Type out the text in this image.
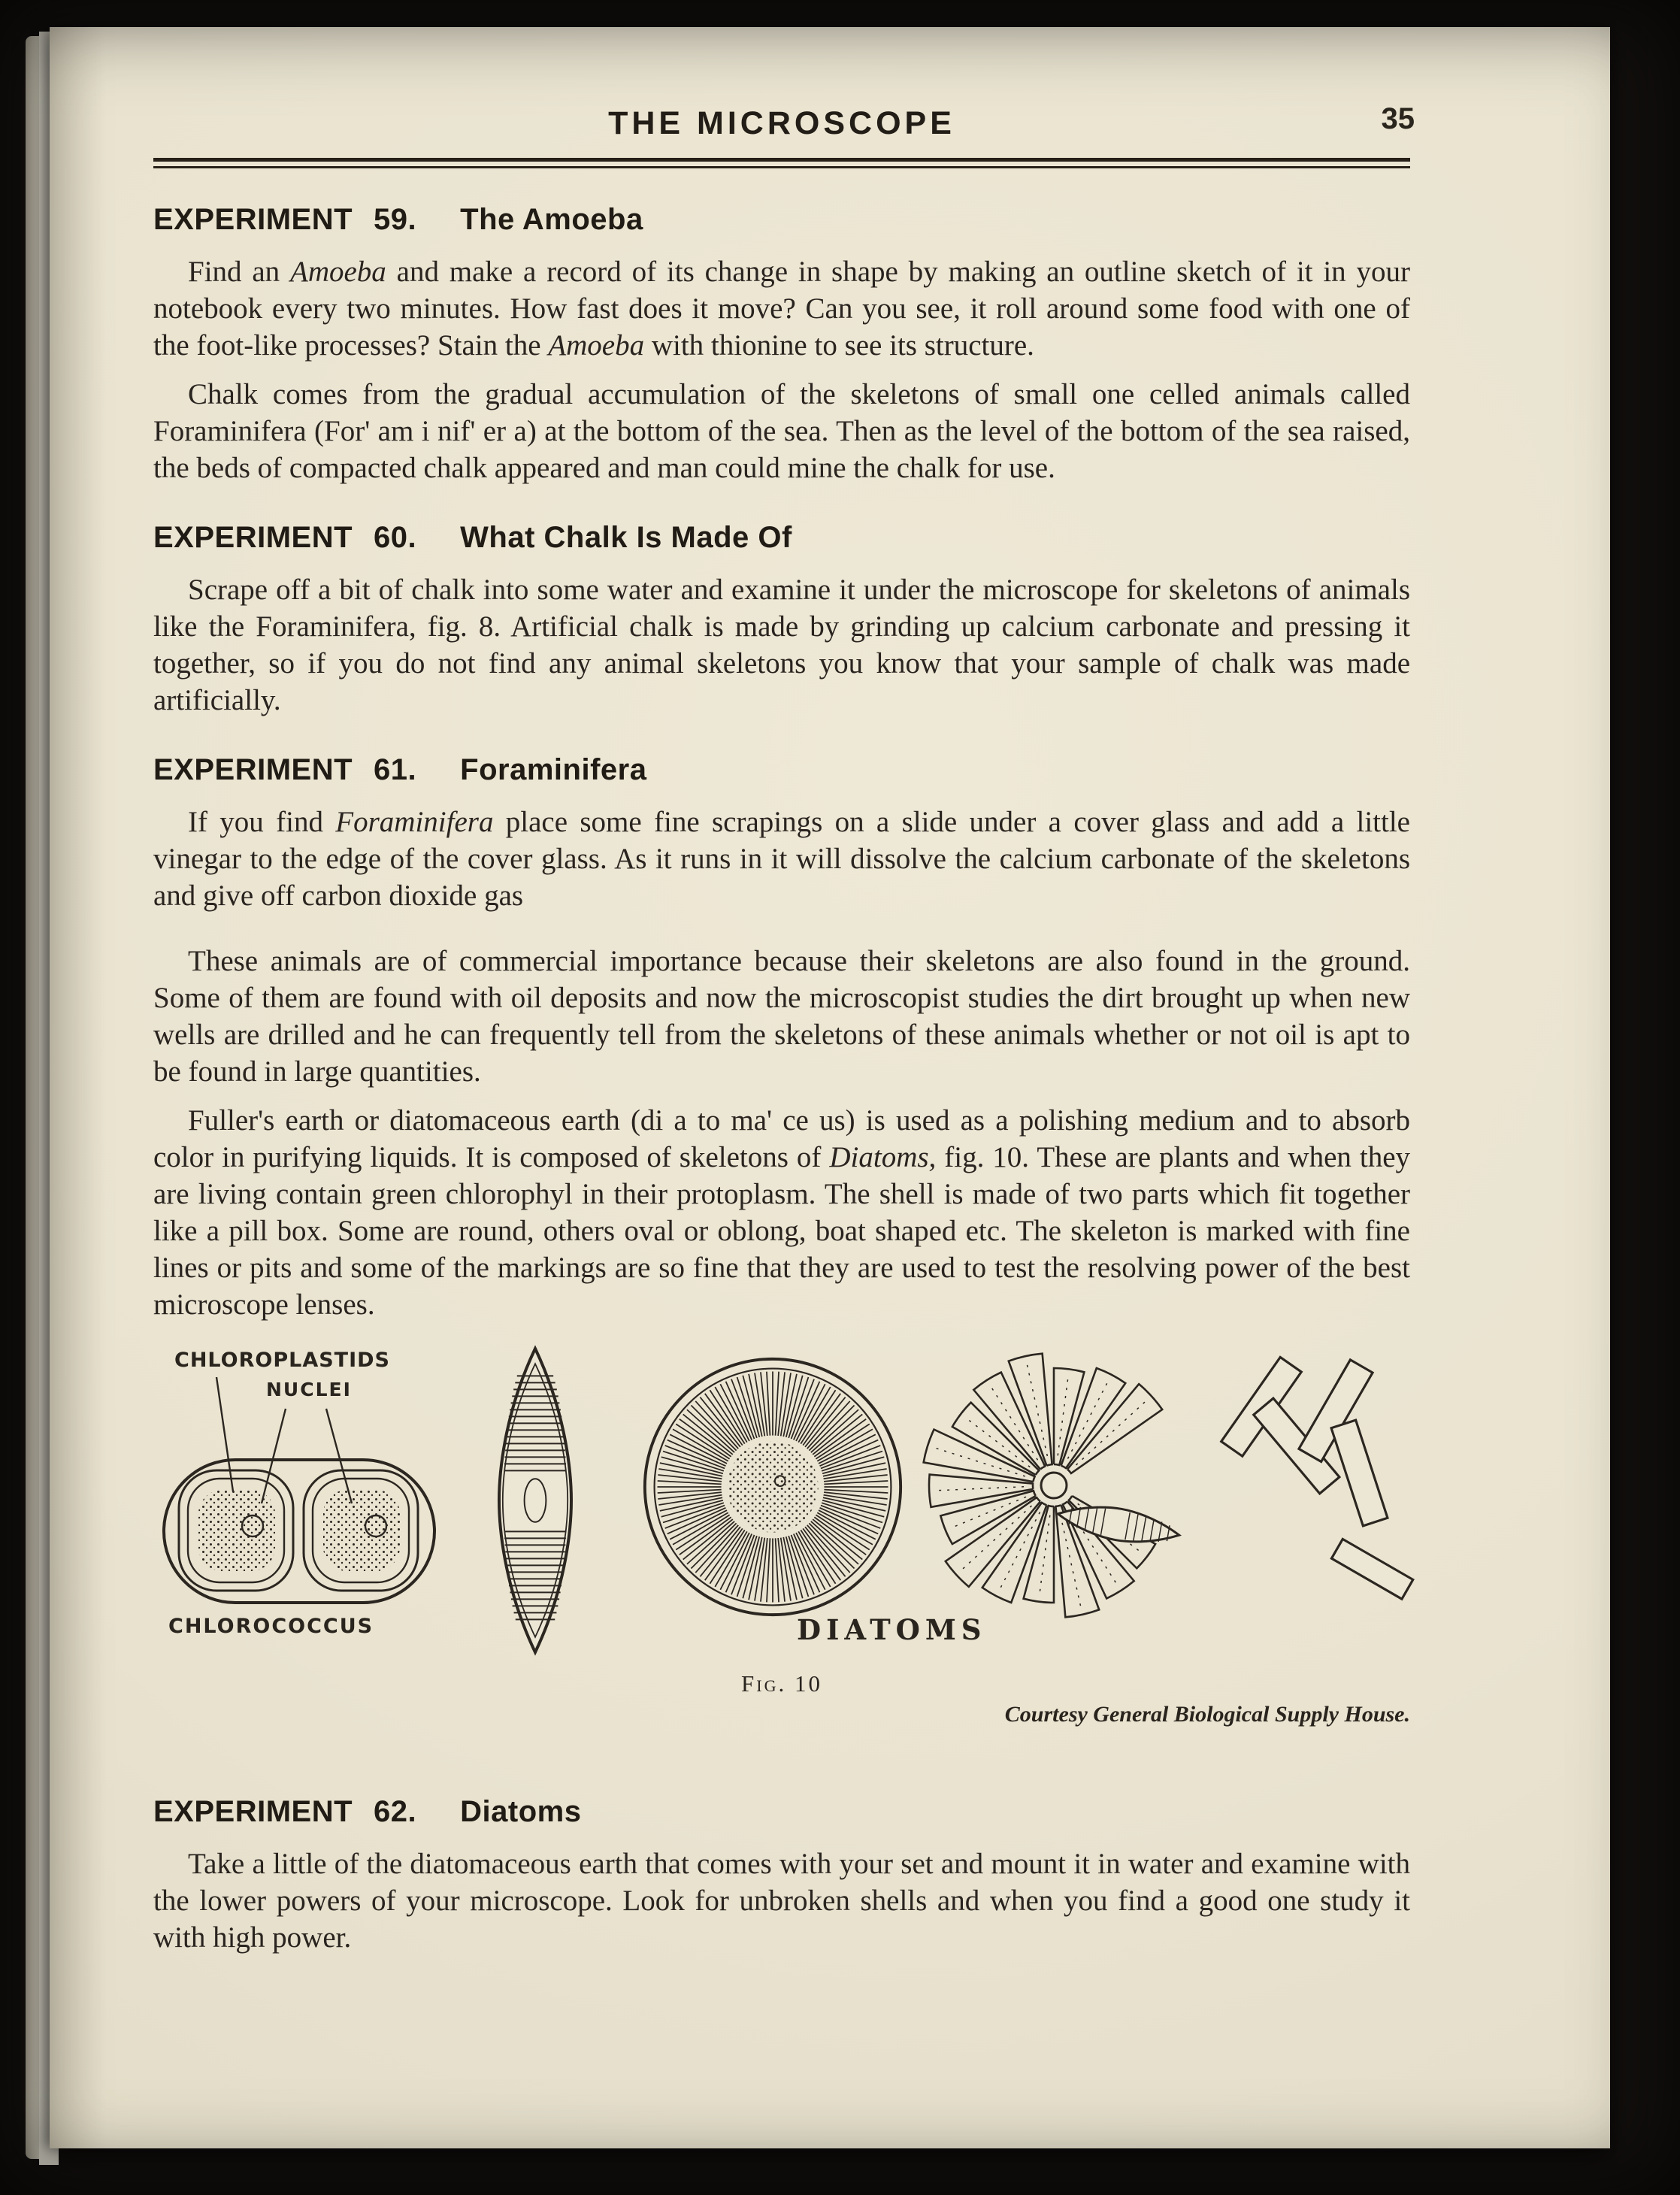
THE MICROSCOPE	35
EXPERIMENT 59. The Amoeba

Find an Amoeba and make a record of its change in shape by making an outline sketch of it in your notebook every two minutes. How fast does it move? Can you see, it roll around some food with one of the foot-like processes? Stain the Amoeba with thionine to see its structure.

Chalk comes from the gradual accumulation of the skeletons of small one celled animals called Foraminifera (For' am i nif' er a) at the bottom of the sea. Then as the level of the bottom of the sea raised, the beds of compacted chalk appeared and man could mine the chalk for use.

EXPERIMENT 60. What Chalk Is Made Of

Scrape off a bit of chalk into some water and examine it under the microscope for skeletons of animals like the Foraminifera, fig. 8. Artificial chalk is made by grinding up calcium carbonate and pressing it together, so if you do not find any animal skeletons you know that your sample of chalk was made artificially.

EXPERIMENT 61. Foraminifera

If you find Foraminifera place some fine scrapings on a slide under a cover glass and add a little vinegar to the edge of the cover glass. As it runs in it will dissolve the calcium carbonate of the skeletons and give off carbon dioxide gas

These animals are of commercial importance because their skeletons are also found in the ground. Some of them are found with oil deposits and now the microscopist studies the dirt brought up when new wells are drilled and he can frequently tell from the skeletons of these animals whether or not oil is apt to be found in large quantities.

Fuller's earth or diatomaceous earth (di a to ma' ce us) is used as a polishing medium and to absorb color in purifying liquids. It is composed of skeletons of Diatoms, fig. 10. These are plants and when they are living contain green chlorophyl in their protoplasm. The shell is made of two parts which fit together like a pill box. Some are round, others oval or oblong, boat shaped etc. The skeleton is marked with fine lines or pits and some of the markings are so fine that they are used to test the resolving power of the best microscope lenses.

CHLOROPLASTIDS
NUCLEI
CHLOROCOCCUS	DIATOMS
Fig. 10
Courtesy General Biological Supply House.
EXPERIMENT 62. Diatoms

Take a little of the diatomaceous earth that comes with your set and mount it in water and examine with the lower powers of your microscope. Look for unbroken shells and when you find a good one study it with high power.
